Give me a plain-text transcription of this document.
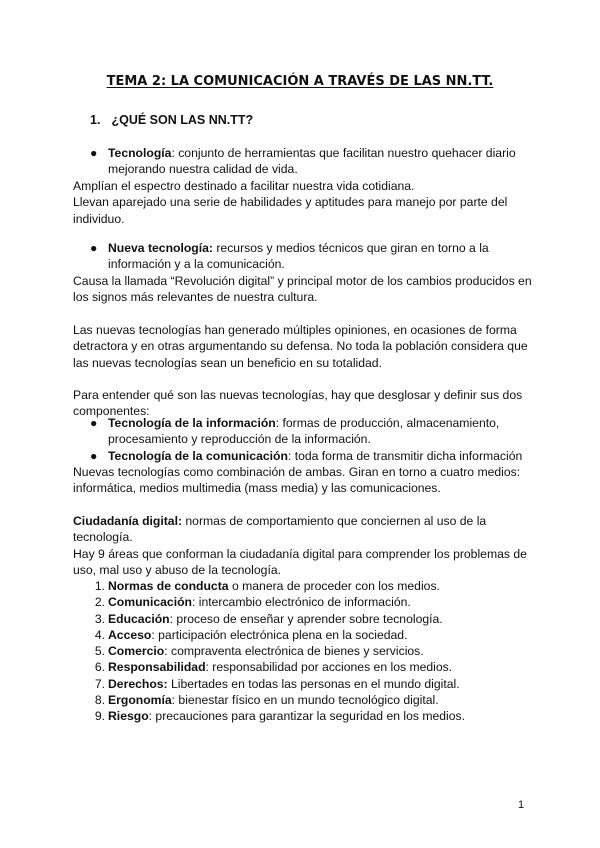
TEMA 2: LA COMUNICACIÓN A TRAVÉS DE LAS NN.TT.
1. ¿QUÉ SON LAS NN.TT?
● Tecnología: conjunto de herramientas que facilitan nuestro quehacer diario mejorando nuestra calidad de vida.
Amplían el espectro destinado a facilitar nuestra vida cotidiana.
Llevan aparejado una serie de habilidades y aptitudes para manejo por parte del individuo.
● Nueva tecnología: recursos y medios técnicos que giran en torno a la información y a la comunicación.
Causa la llamada “Revolución digital” y principal motor de los cambios producidos en los signos más relevantes de nuestra cultura.
Las nuevas tecnologías han generado múltiples opiniones, en ocasiones de forma detractora y en otras argumentando su defensa. No toda la población considera que las nuevas tecnologías sean un beneficio en su totalidad.
Para entender qué son las nuevas tecnologías, hay que desglosar y definir sus dos componentes:
● Tecnología de la información: formas de producción, almacenamiento, procesamiento y reproducción de la información.
● Tecnología de la comunicación: toda forma de transmitir dicha información
Nuevas tecnologías como combinación de ambas. Giran en torno a cuatro medios: informática, medios multimedia (mass media) y las comunicaciones.
Ciudadanía digital: normas de comportamiento que conciernen al uso de la tecnología.
Hay 9 áreas que conforman la ciudadanía digital para comprender los problemas de uso, mal uso y abuso de la tecnología.
1. Normas de conducta o manera de proceder con los medios.
2. Comunicación: intercambio electrónico de información.
3. Educación: proceso de enseñar y aprender sobre tecnología.
4. Acceso: participación electrónica plena en la sociedad.
5. Comercio: compraventa electrónica de bienes y servicios.
6. Responsabilidad: responsabilidad por acciones en los medios.
7. Derechos: Libertades en todas las personas en el mundo digital.
8. Ergonomía: bienestar físico en un mundo tecnológico digital.
9. Riesgo: precauciones para garantizar la seguridad en los medios.
1
